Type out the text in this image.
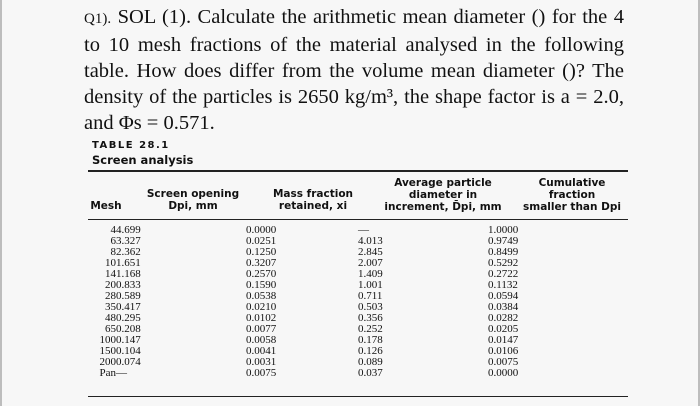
Q1). SOL (1). Calculate the arithmetic mean diameter () for the 4 to 10 mesh fractions of the material analysed in the following table. How does differ from the volume mean diameter ()? The density of the particles is 2650 kg/m³, the shape factor is a = 2.0, and Φs = 0.571.
TABLE 28.1
Screen analysis
Mesh
Screen opening
Dpi, mm
Mass fraction
retained, xi
Average particle
diameter in
increment, D̄pi, mm
Cumulative
fraction
smaller than Dpi
4	4.699	0.0000	—	1.0000
6	3.327	0.0251	4.013	0.9749
8	2.362	0.1250	2.845	0.8499
10	1.651	0.3207	2.007	0.5292
14	1.168	0.2570	1.409	0.2722
20	0.833	0.1590	1.001	0.1132
28	0.589	0.0538	0.711	0.0594
35	0.417	0.0210	0.503	0.0384
48	0.295	0.0102	0.356	0.0282
65	0.208	0.0077	0.252	0.0205
100	0.147	0.0058	0.178	0.0147
150	0.104	0.0041	0.126	0.0106
200	0.074	0.0031	0.089	0.0075
Pan	—	0.0075	0.037	0.0000
